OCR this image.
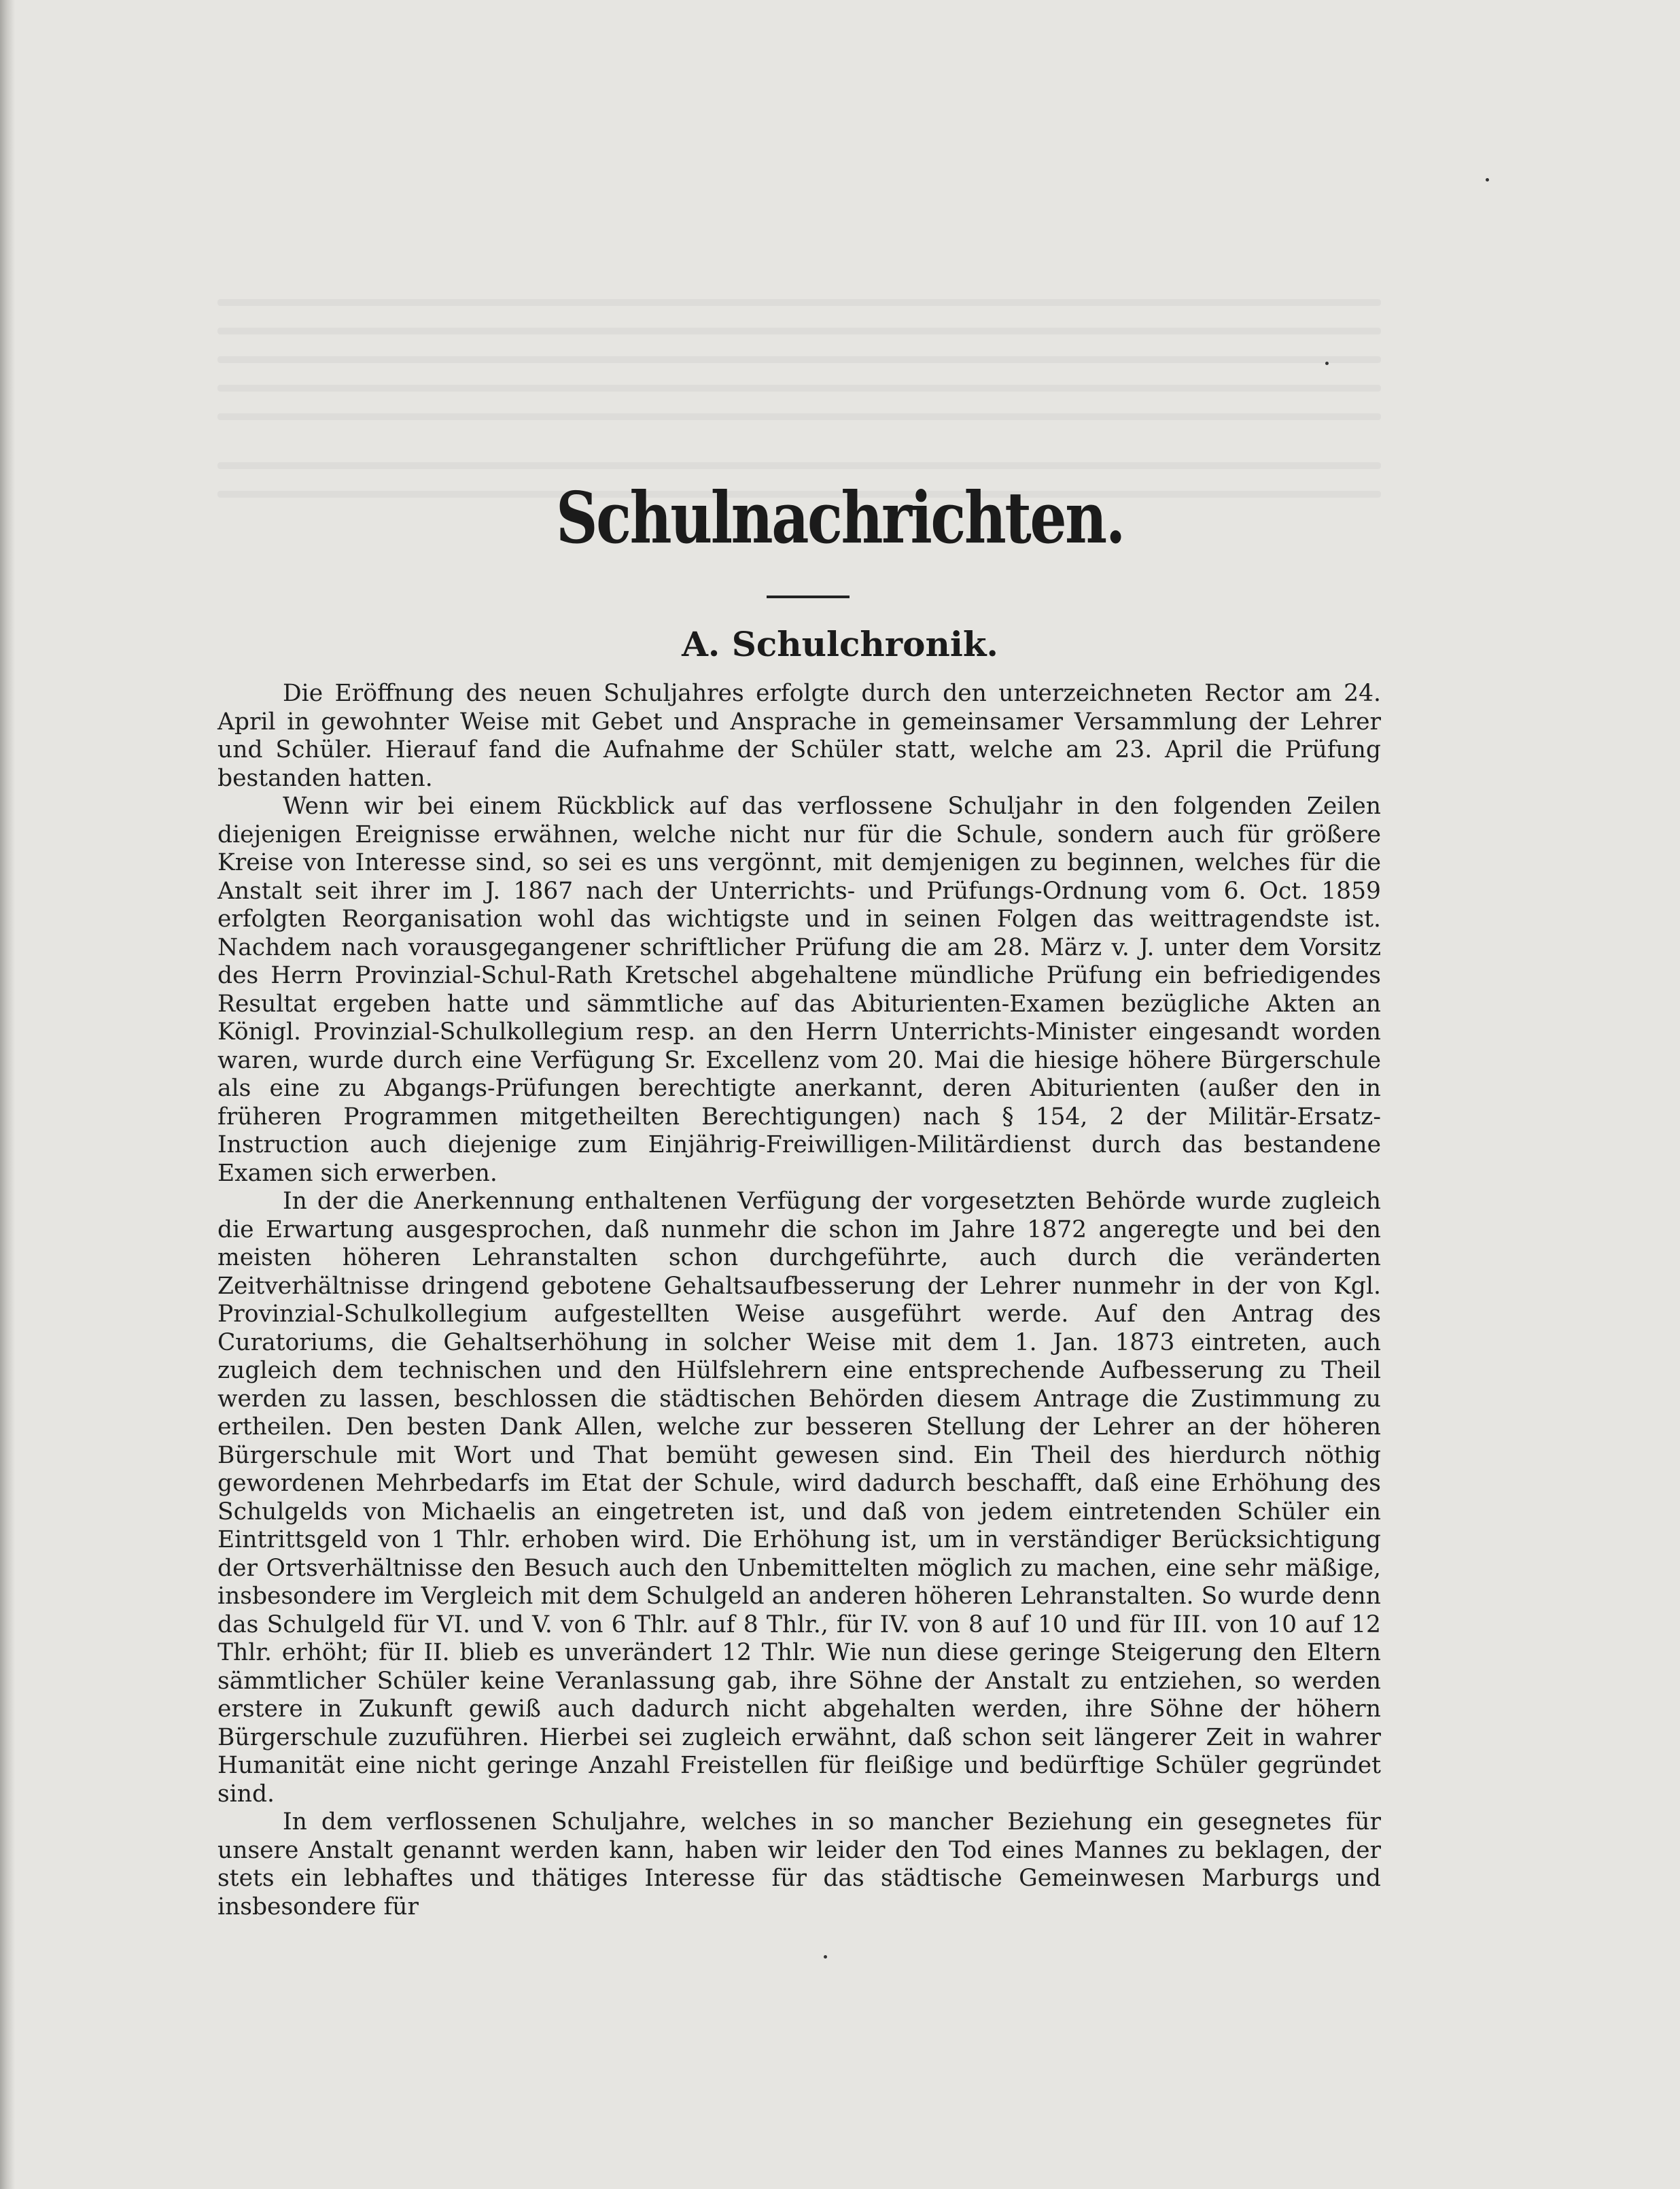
Schulnachrichten.
A. Schulchronik.

Die Eröffnung des neuen Schuljahres erfolgte durch den unterzeichneten Rector am 24. April in gewohnter Weise mit Gebet und Ansprache in gemeinsamer Versammlung der Lehrer und Schüler. Hierauf fand die Aufnahme der Schüler statt, welche am 23. April die Prüfung bestanden hatten.

Wenn wir bei einem Rückblick auf das verflossene Schuljahr in den folgenden Zeilen diejenigen Ereignisse erwähnen, welche nicht nur für die Schule, sondern auch für größere Kreise von Interesse sind, so sei es uns vergönnt, mit demjenigen zu beginnen, welches für die Anstalt seit ihrer im J. 1867 nach der Unterrichts- und Prüfungs-Ordnung vom 6. Oct. 1859 erfolgten Reorganisation wohl das wichtigste und in seinen Folgen das weittragendste ist. Nachdem nach vorausgegangener schriftlicher Prüfung die am 28. März v. J. unter dem Vorsitz des Herrn Provinzial-Schul-Rath Kretschel abgehaltene mündliche Prüfung ein befriedigendes Resultat ergeben hatte und sämmtliche auf das Abiturienten-Examen bezügliche Akten an Königl. Provinzial-Schulkollegium resp. an den Herrn Unterrichts-Minister eingesandt worden waren, wurde durch eine Verfügung Sr. Excellenz vom 20. Mai die hiesige höhere Bürgerschule als eine zu Abgangs-Prüfungen berechtigte anerkannt, deren Abiturienten (außer den in früheren Programmen mitgetheilten Berechtigungen) nach § 154, 2 der Militär-Ersatz-Instruction auch diejenige zum Einjährig-Freiwilligen-Militärdienst durch das bestandene Examen sich erwerben.

In der die Anerkennung enthaltenen Verfügung der vorgesetzten Behörde wurde zugleich die Erwartung ausgesprochen, daß nunmehr die schon im Jahre 1872 angeregte und bei den meisten höheren Lehranstalten schon durchgeführte, auch durch die veränderten Zeitverhältnisse dringend gebotene Gehaltsaufbesserung der Lehrer nunmehr in der von Kgl. Provinzial-Schulkollegium aufgestellten Weise ausgeführt werde. Auf den Antrag des Curatoriums, die Gehaltserhöhung in solcher Weise mit dem 1. Jan. 1873 eintreten, auch zugleich dem technischen und den Hülfslehrern eine entsprechende Aufbesserung zu Theil werden zu lassen, beschlossen die städtischen Behörden diesem Antrage die Zustimmung zu ertheilen. Den besten Dank Allen, welche zur besseren Stellung der Lehrer an der höheren Bürgerschule mit Wort und That bemüht gewesen sind. Ein Theil des hierdurch nöthig gewordenen Mehrbedarfs im Etat der Schule, wird dadurch beschafft, daß eine Erhöhung des Schulgelds von Michaelis an eingetreten ist, und daß von jedem eintretenden Schüler ein Eintrittsgeld von 1 Thlr. erhoben wird. Die Erhöhung ist, um in verständiger Berücksichtigung der Ortsverhältnisse den Besuch auch den Unbemittelten möglich zu machen, eine sehr mäßige, insbesondere im Vergleich mit dem Schulgeld an anderen höheren Lehranstalten. So wurde denn das Schulgeld für VI. und V. von 6 Thlr. auf 8 Thlr., für IV. von 8 auf 10 und für III. von 10 auf 12 Thlr. erhöht; für II. blieb es unverändert 12 Thlr. Wie nun diese geringe Steigerung den Eltern sämmtlicher Schüler keine Veranlassung gab, ihre Söhne der Anstalt zu entziehen, so werden erstere in Zukunft gewiß auch dadurch nicht abgehalten werden, ihre Söhne der höhern Bürgerschule zuzuführen. Hierbei sei zugleich erwähnt, daß schon seit längerer Zeit in wahrer Humanität eine nicht geringe Anzahl Freistellen für fleißige und bedürftige Schüler gegründet sind.

In dem verflossenen Schuljahre, welches in so mancher Beziehung ein gesegnetes für unsere Anstalt genannt werden kann, haben wir leider den Tod eines Mannes zu beklagen, der stets ein lebhaftes und thätiges Interesse für das städtische Gemeinwesen Marburgs und insbesondere für
